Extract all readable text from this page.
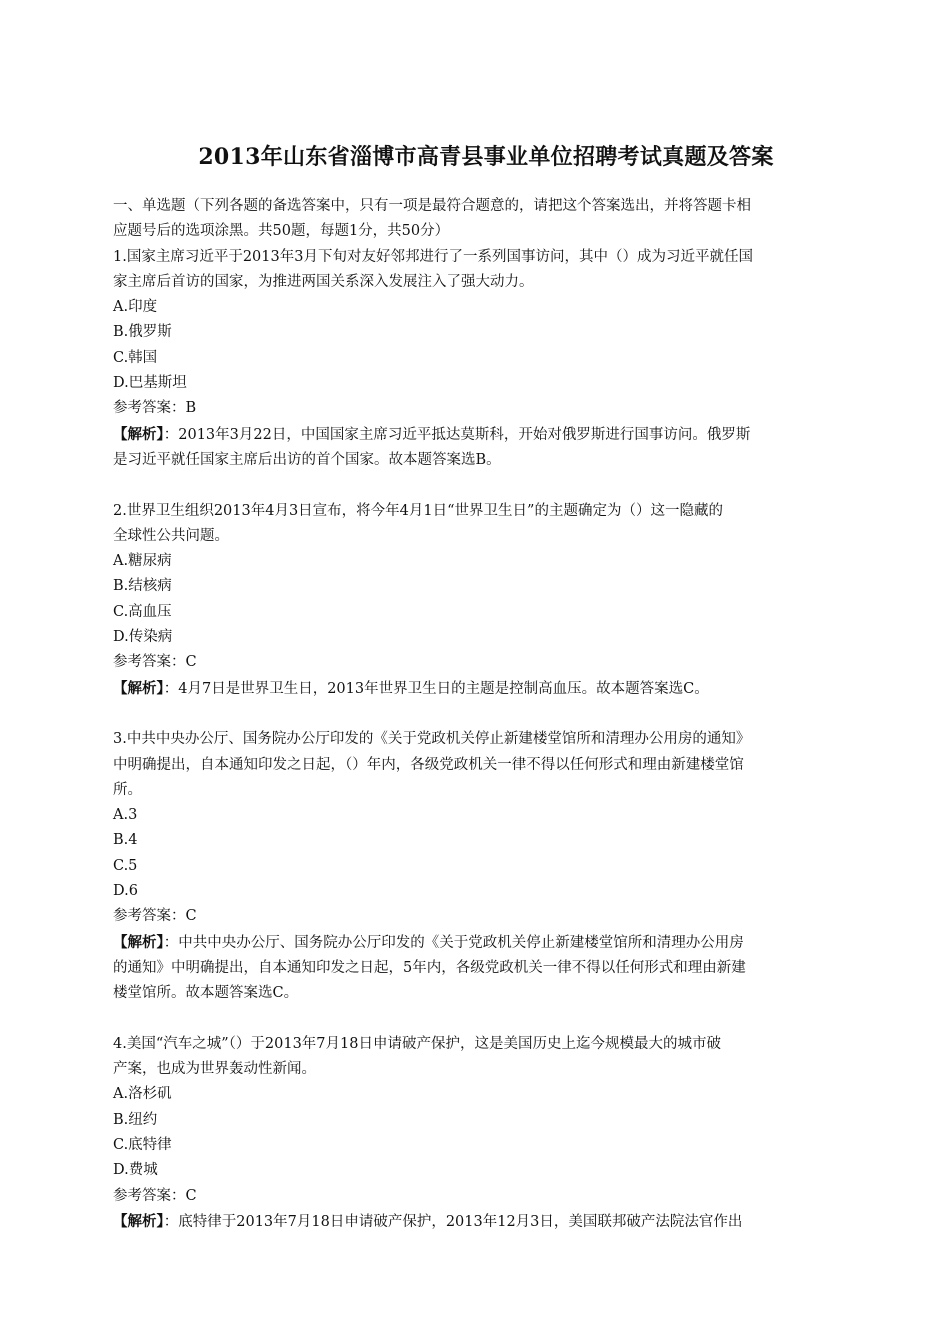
2013年山东省淄博市高青县事业单位招聘考试真题及答案
一、单选题（下列各题的备选答案中，只有一项是最符合题意的，请把这个答案选出，并将答题卡相
应题号后的选项涂黑。共50题，每题1分，共50分）
1.国家主席习近平于2013年3月下旬对友好邻邦进行了一系列国事访问，其中（）成为习近平就任国
家主席后首访的国家，为推进两国关系深入发展注入了强大动力。

A.印度

B.俄罗斯

C.韩国

D.巴基斯坦

参考答案：B

【解析】：2013年3月22日，中国国家主席习近平抵达莫斯科，开始对俄罗斯进行国事访问。俄罗斯
是习近平就任国家主席后出访的首个国家。故本题答案选B。
2.世界卫生组织2013年4月3日宣布，将今年4月1日“世界卫生日”的主题确定为（）这一隐藏的
全球性公共问题。

A.糖尿病

B.结核病

C.高血压

D.传染病

参考答案：C

【解析】：4月7日是世界卫生日，2013年世界卫生日的主题是控制高血压。故本题答案选C。
3.中共中央办公厅、国务院办公厅印发的《关于党政机关停止新建楼堂馆所和清理办公用房的通知》
中明确提出，自本通知印发之日起，（）年内，各级党政机关一律不得以任何形式和理由新建楼堂馆
所。

A.3

B.4

C.5

D.6

参考答案：C

【解析】：中共中央办公厅、国务院办公厅印发的《关于党政机关停止新建楼堂馆所和清理办公用房
的通知》中明确提出，自本通知印发之日起，5年内，各级党政机关一律不得以任何形式和理由新建
楼堂馆所。故本题答案选C。
4.美国“汽车之城”（）于2013年7月18日申请破产保护，这是美国历史上迄今规模最大的城市破
产案，也成为世界轰动性新闻。

A.洛杉矶

B.纽约

C.底特律

D.费城

参考答案：C

【解析】：底特律于2013年7月18日申请破产保护，2013年12月3日，美国联邦破产法院法官作出
